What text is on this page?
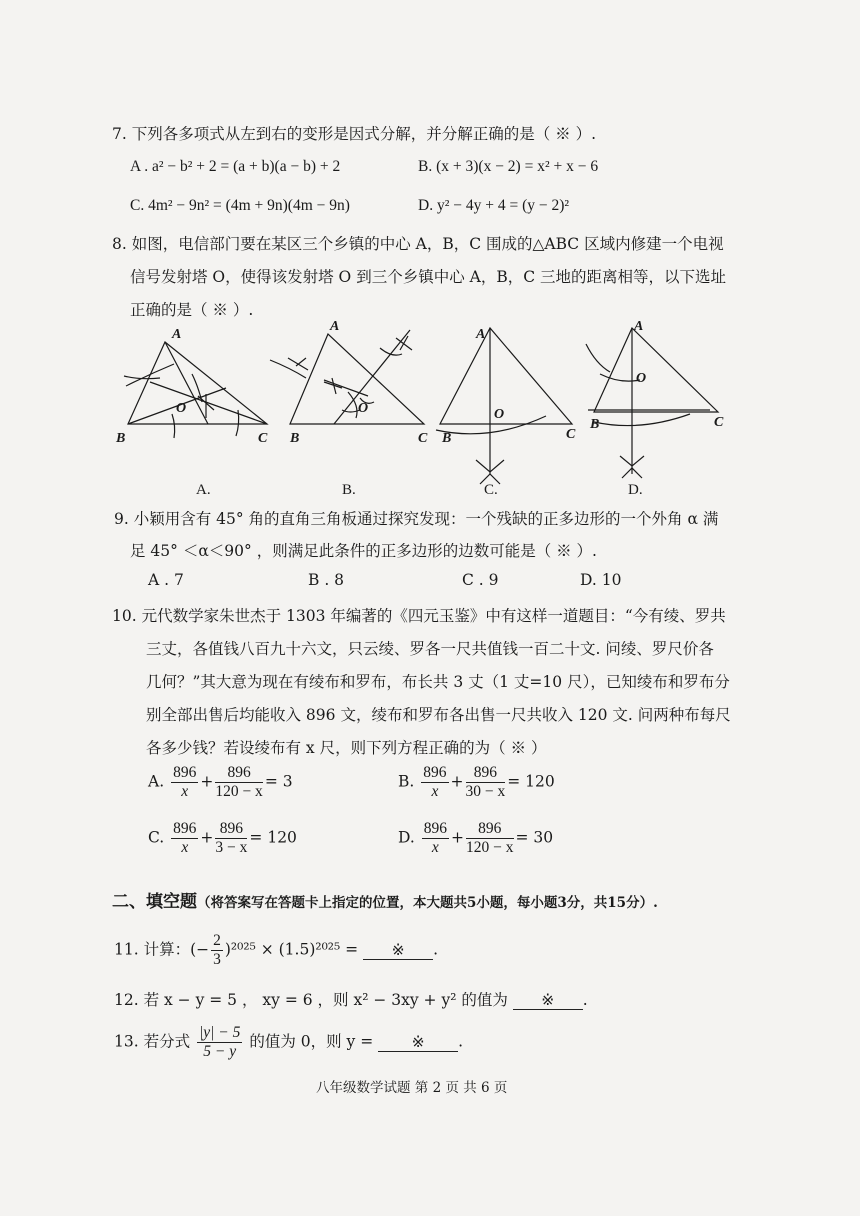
7. 下列各多项式从左到右的变形是因式分解，并分解正确的是（ ※ ）.
A . a² − b² + 2 = (a + b)(a − b) + 2	B. (x + 3)(x − 2) = x² + x − 6
C. 4m² − 9n² = (4m + 9n)(4m − 9n)	D. y² − 4y + 4 = (y − 2)²
8. 如图，电信部门要在某区三个乡镇的中心 A，B，C 围成的△ABC 区域内修建一个电视
信号发射塔 O，使得该发射塔 O 到三个乡镇中心 A，B，C 三地的距离相等，以下选址
正确的是（ ※ ）.
A
B	C
O
A
B	C
O
A
B	C
O
A
B	C
O
A.	B.	C.	D.
9. 小颖用含有 45° 角的直角三角板通过探究发现：一个残缺的正多边形的一个外角 α 满
足 45° ＜α＜90° ，则满足此条件的正多边形的边数可能是（ ※ ）.
A . 7	B . 8	C . 9	D. 10
10. 元代数学家朱世杰于 1303 年编著的《四元玉鉴》中有这样一道题目：“今有绫、罗共
三丈，各值钱八百九十六文，只云绫、罗各一尺共值钱一百二十文. 问绫、罗尺价各
几何？”其大意为现在有绫布和罗布，布长共 3 丈（1 丈=10 尺），已知绫布和罗布分
别全部出售后均能收入 896 文，绫布和罗布各出售一尺共收入 120 文. 问两种布每尺
各多少钱？若设绫布有 x 尺，则下列方程正确的为（ ※ ）
A. $\frac{896}{x} + \frac{896}{120 - x} = 3$	B. $\frac{896}{x} + \frac{896}{30 - x} = 120$
C. $\frac{896}{x} + \frac{896}{3 - x} = 120$	D. $\frac{896}{x} + \frac{896}{120 - x} = 30$
二、填空题（将答案写在答题卡上指定的位置，本大题共5小题，每小题3分，共15分）.
11. 计算：(− $\frac{2}{3} )^{2025} \times (1.5)^{2025}$ = ※ .
12. 若 x − y = 5 ， xy = 6 ，则 x² − 3xy + y² 的值为 ※ .
13. 若分式 $\frac{|y| - 5}{5 - y}$ 的值为 0，则 y = ※ .
八年级数学试题 第 2 页 共 6 页
